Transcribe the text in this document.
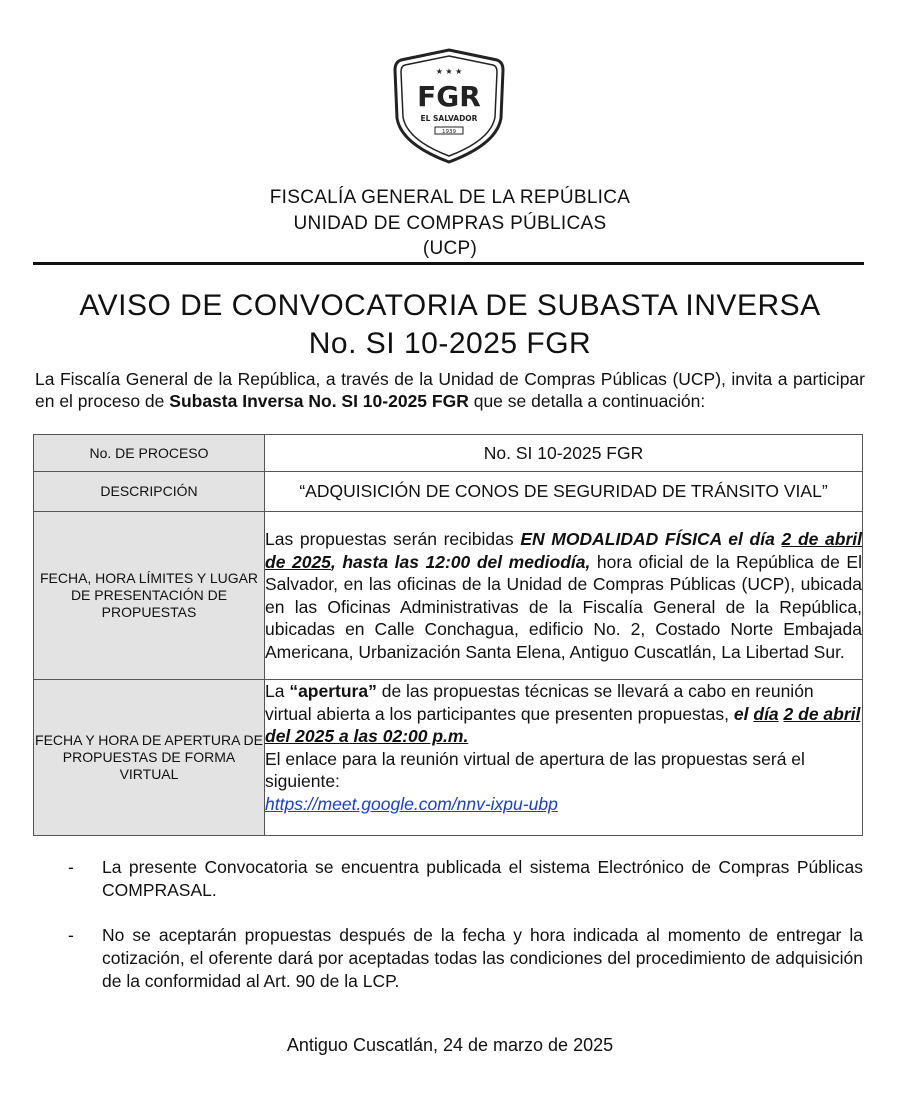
★ ★ ★
FGR
EL SALVADOR
1939
FISCALÍA GENERAL DE LA REPÚBLICA
UNIDAD DE COMPRAS PÚBLICAS
(UCP)
AVISO DE CONVOCATORIA DE SUBASTA INVERSA
No. SI 10-2025 FGR
La Fiscalía General de la República, a través de la Unidad de Compras Públicas (UCP), invita a participar en el proceso de Subasta Inversa No. SI 10-2025 FGR que se detalla a continuación:
No. DE PROCESO	No. SI 10-2025 FGR
DESCRIPCIÓN	“ADQUISICIÓN DE CONOS DE SEGURIDAD DE TRÁNSITO VIAL”
FECHA, HORA LÍMITES Y LUGAR DE PRESENTACIÓN DE PROPUESTAS	Las propuestas serán recibidas EN MODALIDAD FÍSICA el día 2 de abril de 2025, hasta las 12:00 del mediodía, hora oficial de la República de El Salvador, en las oficinas de la Unidad de Compras Públicas (UCP), ubicada en las Oficinas Administrativas de la Fiscalía General de la República, ubicadas en Calle Conchagua, edificio No. 2, Costado Norte Embajada Americana, Urbanización Santa Elena, Antiguo Cuscatlán, La Libertad Sur.
FECHA Y HORA DE APERTURA DE PROPUESTAS DE FORMA VIRTUAL	La “apertura” de las propuestas técnicas se llevará a cabo en reunión virtual abierta a los participantes que presenten propuestas, el día 2 de abril del 2025 a las 02:00 p.m.
El enlace para la reunión virtual de apertura de las propuestas será el siguiente:
https://meet.google.com/nnv-ixpu-ubp
- La presente Convocatoria se encuentra publicada el sistema Electrónico de Compras Públicas COMPRASAL.
- No se aceptarán propuestas después de la fecha y hora indicada al momento de entregar la cotización, el oferente dará por aceptadas todas las condiciones del procedimiento de adquisición de la conformidad al Art. 90 de la LCP.
Antiguo Cuscatlán, 24 de marzo de 2025
